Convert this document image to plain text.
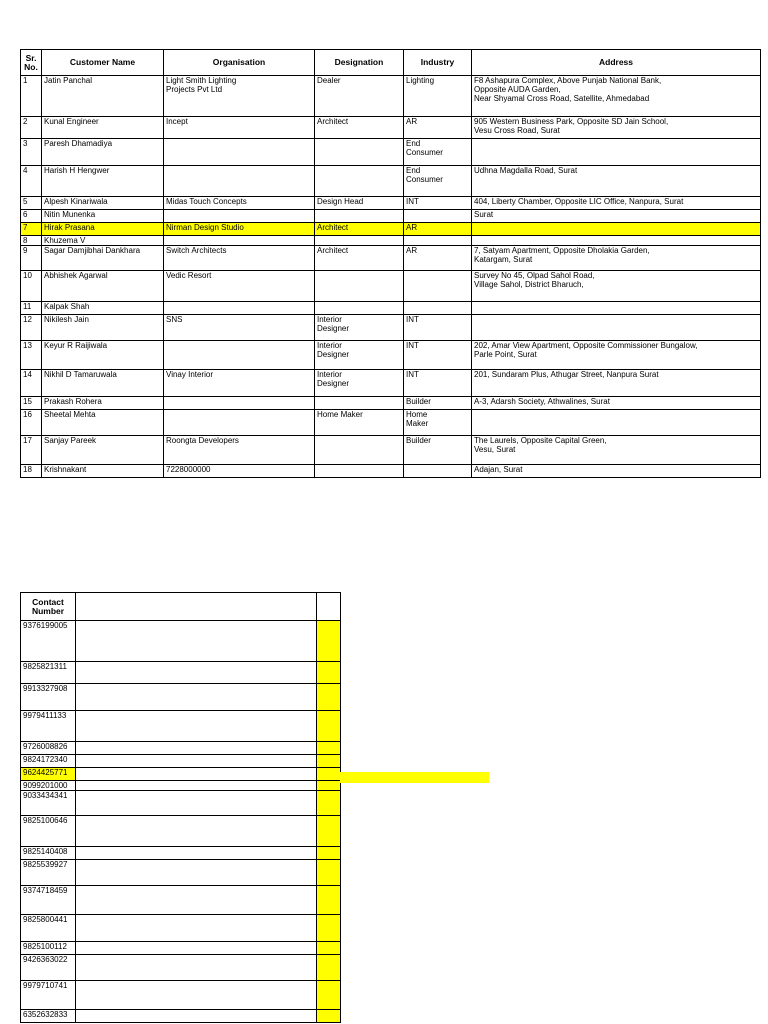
Sr.
No.	Customer Name	Organisation	Designation	Industry	Address
1	Jatin Panchal	Light Smith Lighting
Projects Pvt Ltd	Dealer	Lighting	F8 Ashapura Complex, Above Punjab National Bank,
Opposite AUDA Garden,
Near Shyamal Cross Road, Satellite, Ahmedabad
2	Kunal Engineer	Incept	Architect	AR	905 Western Business Park, Opposite SD Jain School,
Vesu Cross Road, Surat
3	Paresh Dhamadiya			End
Consumer	
4	Harish H Hengwer			End
Consumer	Udhna Magdalla Road, Surat
5	Alpesh Kinariwala	Midas Touch Concepts	Design Head	INT	404, Liberty Chamber, Opposite LIC Office, Nanpura, Surat
6	Nitin Munenka				Surat
7	Hirak Prasana	Nirman Design Studio	Architect	AR	
8	Khuzema V				
9	Sagar Damjibhai Dankhara	Switch Architects	Architect	AR	7, Satyam Apartment, Opposite Dholakia Garden,
Katargam, Surat
10	Abhishek Agarwal	Vedic Resort			Survey No 45, Olpad Sahol Road,
Village Sahol, District Bharuch,
11	Kalpak Shah				
12	Nikilesh Jain	SNS	Interior
Designer	INT	
13	Keyur R Raijiwala		Interior
Designer	INT	202, Amar View Apartment, Opposite Commissioner Bungalow,
Parle Point, Surat
14	Nikhil D Tamaruwala	Vinay Interior	Interior
Designer	INT	201, Sundaram Plus, Athugar Street, Nanpura Surat
15	Prakash Rohera			Builder	A-3, Adarsh Society, Athwalines, Surat
16	Sheetal Mehta		Home Maker	Home
Maker	
17	Sanjay Pareek	Roongta Developers		Builder	The Laurels, Opposite Capital Green,
Vesu, Surat
18	Krishnakant	7228000000			Adajan, Surat
Contact
Number		
9376199005		
9825821311		
9913327908		
9979411133		
9726008826		
9824172340		
9624425771		
9099201000		
9033434341		
9825100646		
9825140408		
9825539927		
9374718459		
9825800441		
9825100112		
9426363022		
9979710741		
6352632833		
